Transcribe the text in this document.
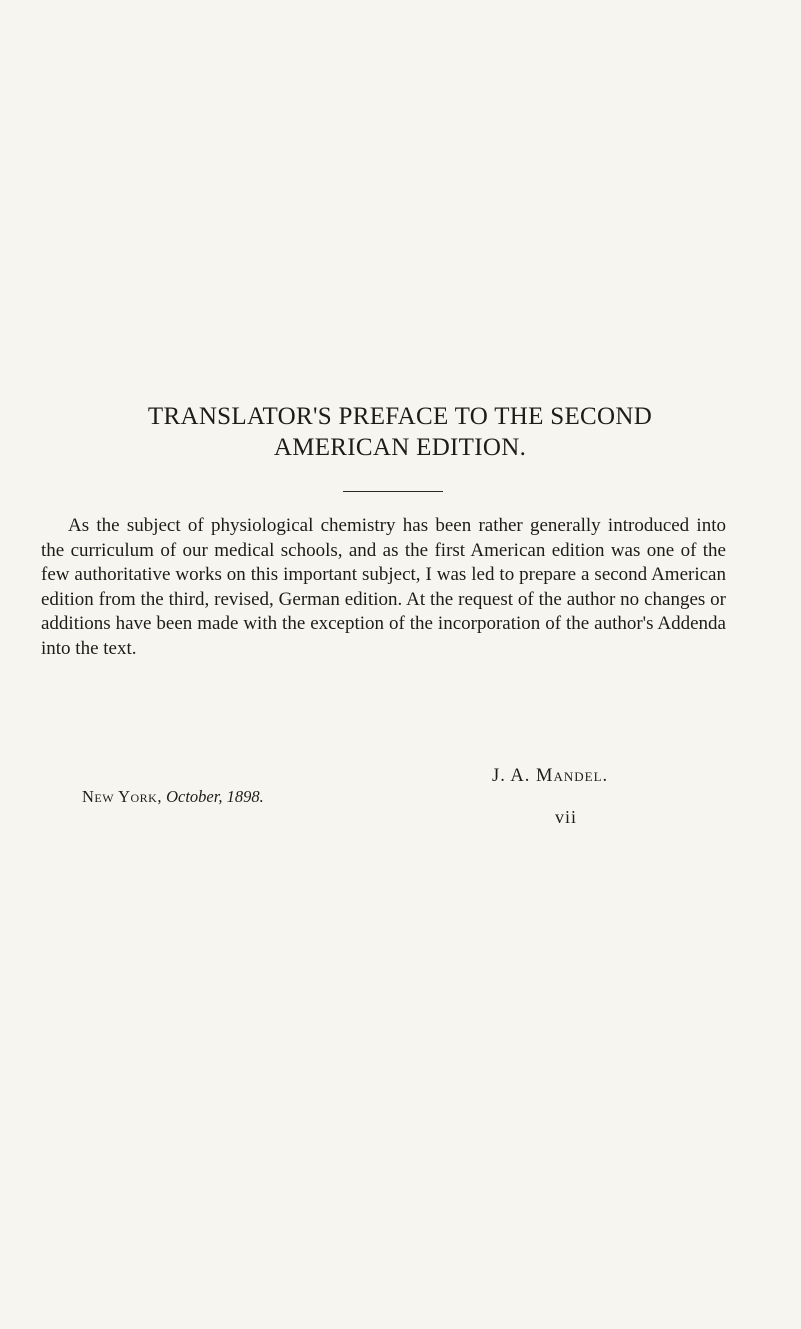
TRANSLATOR'S PREFACE TO THE SECOND
AMERICAN EDITION.

As the subject of physiological chemistry has been rather generally introduced into the curriculum of our medical schools, and as the first American edition was one of the few authoritative works on this important subject, I was led to prepare a second American edition from the third, revised, German edition. At the request of the author no changes or additions have been made with the exception of the incorporation of the author's Addenda into the text.

J. A. Mandel.
New York, October, 1898.
vii
